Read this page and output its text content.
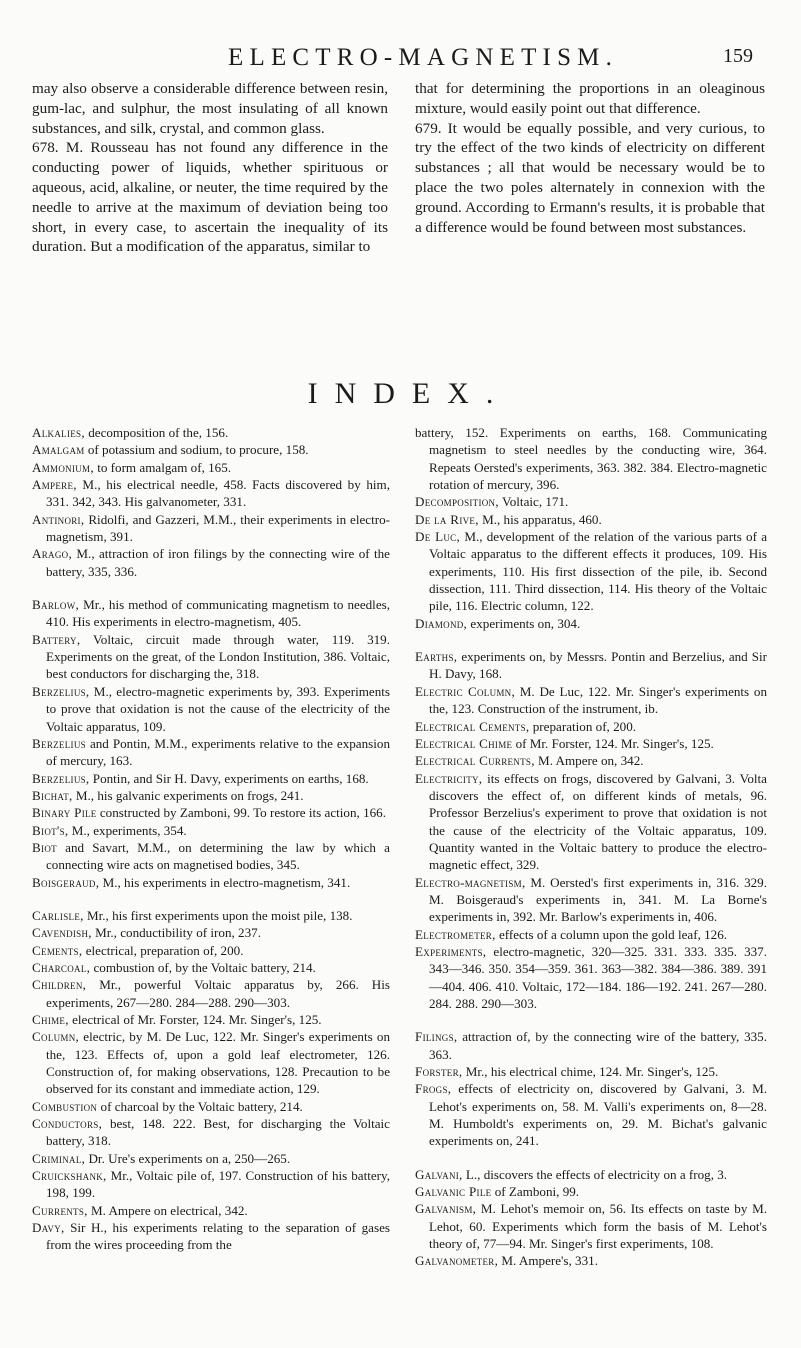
ELECTRO-MAGNETISM.	159

may also observe a considerable difference between resin, gum-lac, and sulphur, the most insulating of all known substances, and silk, crystal, and common glass.

678. M. Rousseau has not found any difference in the conducting power of liquids, whether spirituous or aqueous, acid, alkaline, or neuter, the time required by the needle to arrive at the maximum of deviation being too short, in every case, to ascertain the inequality of its duration. But a modification of the apparatus, similar to

that for determining the proportions in an oleaginous mixture, would easily point out that difference.

679. It would be equally possible, and very curious, to try the effect of the two kinds of electricity on different substances ; all that would be necessary would be to place the two poles alternately in connexion with the ground. According to Ermann's results, it is probable that a difference would be found between most substances.

INDEX.

Alkalies, decomposition of the, 156.

Amalgam of potassium and sodium, to procure, 158.

Ammonium, to form amalgam of, 165.

Ampere, M., his electrical needle, 458. Facts discovered by him, 331. 342, 343. His galvanometer, 331.

Antinori, Ridolfi, and Gazzeri, M.M., their experiments in electro-magnetism, 391.

Arago, M., attraction of iron filings by the connecting wire of the battery, 335, 336.

Barlow, Mr., his method of communicating magnetism to needles, 410. His experiments in electro-magnetism, 405.

Battery, Voltaic, circuit made through water, 119. 319. Experiments on the great, of the London Institution, 386. Voltaic, best conductors for discharging the, 318.

Berzelius, M., electro-magnetic experiments by, 393. Experiments to prove that oxidation is not the cause of the electricity of the Voltaic apparatus, 109.

Berzelius and Pontin, M.M., experiments relative to the expansion of mercury, 163.

Berzelius, Pontin, and Sir H. Davy, experiments on earths, 168.

Bichat, M., his galvanic experiments on frogs, 241.

Binary Pile constructed by Zamboni, 99. To restore its action, 166.

Biot's, M., experiments, 354.

Biot and Savart, M.M., on determining the law by which a connecting wire acts on magnetised bodies, 345.

Boisgeraud, M., his experiments in electro-magnetism, 341.

Carlisle, Mr., his first experiments upon the moist pile, 138.

Cavendish, Mr., conductibility of iron, 237.

Cements, electrical, preparation of, 200.

Charcoal, combustion of, by the Voltaic battery, 214.

Children, Mr., powerful Voltaic apparatus by, 266. His experiments, 267—280. 284—288. 290—303.

Chime, electrical of Mr. Forster, 124. Mr. Singer's, 125.

Column, electric, by M. De Luc, 122. Mr. Singer's experiments on the, 123. Effects of, upon a gold leaf electrometer, 126. Construction of, for making observations, 128. Precaution to be observed for its constant and immediate action, 129.

Combustion of charcoal by the Voltaic battery, 214.

Conductors, best, 148. 222. Best, for discharging the Voltaic battery, 318.

Criminal, Dr. Ure's experiments on a, 250—265.

Cruickshank, Mr., Voltaic pile of, 197. Construction of his battery, 198, 199.

Currents, M. Ampere on electrical, 342.

Davy, Sir H., his experiments relating to the separation of gases from the wires proceeding from the

battery, 152. Experiments on earths, 168. Communicating magnetism to steel needles by the conducting wire, 364. Repeats Oersted's experiments, 363. 382. 384. Electro-magnetic rotation of mercury, 396.

Decomposition, Voltaic, 171.

De la Rive, M., his apparatus, 460.

De Luc, M., development of the relation of the various parts of a Voltaic apparatus to the different effects it produces, 109. His experiments, 110. His first dissection of the pile, ib. Second dissection, 111. Third dissection, 114. His theory of the Voltaic pile, 116. Electric column, 122.

Diamond, experiments on, 304.

Earths, experiments on, by Messrs. Pontin and Berzelius, and Sir H. Davy, 168.

Electric Column, M. De Luc, 122. Mr. Singer's experiments on the, 123. Construction of the instrument, ib.

Electrical Cements, preparation of, 200.

Electrical Chime of Mr. Forster, 124. Mr. Singer's, 125.

Electrical Currents, M. Ampere on, 342.

Electricity, its effects on frogs, discovered by Galvani, 3. Volta discovers the effect of, on different kinds of metals, 96. Professor Berzelius's experiment to prove that oxidation is not the cause of the electricity of the Voltaic apparatus, 109. Quantity wanted in the Voltaic battery to produce the electro-magnetic effect, 329.

Electro-magnetism, M. Oersted's first experiments in, 316. 329. M. Boisgeraud's experiments in, 341. M. La Borne's experiments in, 392. Mr. Barlow's experiments in, 406.

Electrometer, effects of a column upon the gold leaf, 126.

Experiments, electro-magnetic, 320—325. 331. 333. 335. 337. 343—346. 350. 354—359. 361. 363—382. 384—386. 389. 391—404. 406. 410. Voltaic, 172—184. 186—192. 241. 267—280. 284. 288. 290—303.

Filings, attraction of, by the connecting wire of the battery, 335. 363.

Forster, Mr., his electrical chime, 124. Mr. Singer's, 125.

Frogs, effects of electricity on, discovered by Galvani, 3. M. Lehot's experiments on, 58. M. Valli's experiments on, 8—28. M. Humboldt's experiments on, 29. M. Bichat's galvanic experiments on, 241.

Galvani, L., discovers the effects of electricity on a frog, 3.

Galvanic Pile of Zamboni, 99.

Galvanism, M. Lehot's memoir on, 56. Its effects on taste by M. Lehot, 60. Experiments which form the basis of M. Lehot's theory of, 77—94. Mr. Singer's first experiments, 108.

Galvanometer, M. Ampere's, 331.
